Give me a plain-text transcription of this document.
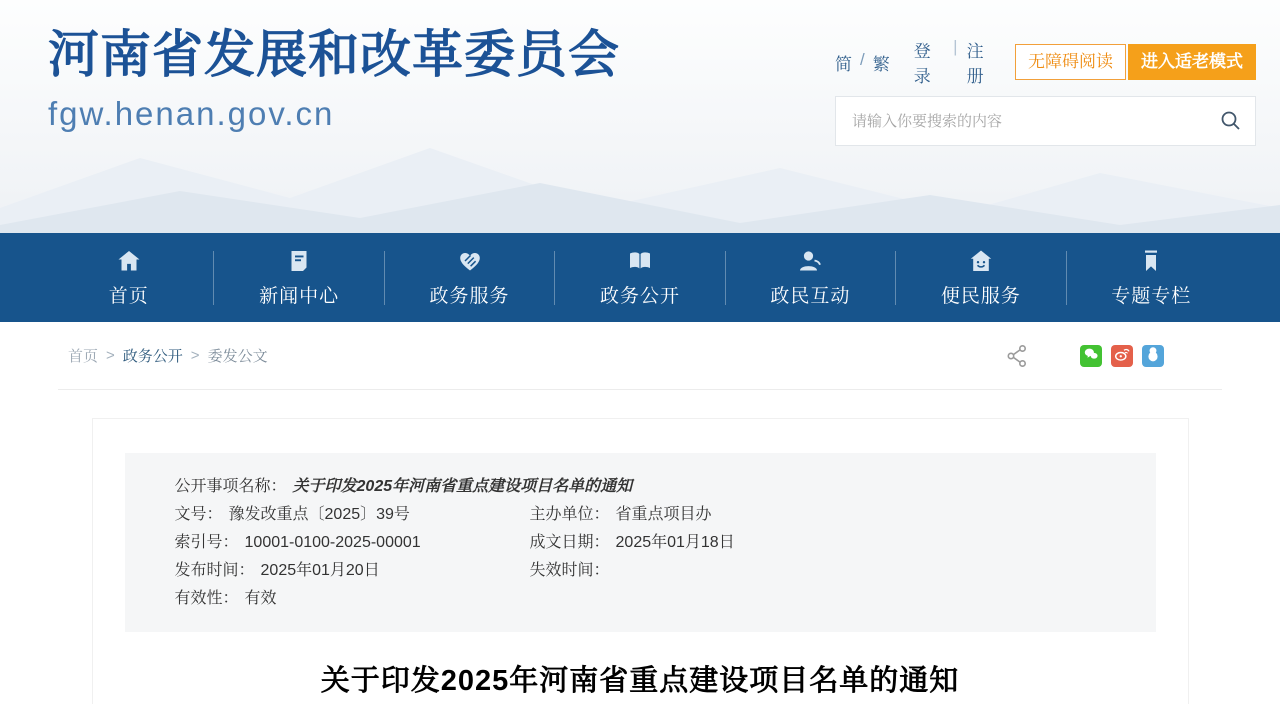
河南省发展和改革委员会
fgw.henan.gov.cn
简 / 繁
登录
| 注册
无障碍阅读	进入适老模式
请输入你要搜索的内容
首页	新闻中心	政务服务	政务公开	政民互动	便民服务	专题专栏
首页 > 政务公开 > 委发公文
公开事项名称： 关于印发2025年河南省重点建设项目名单的通知
文号： 豫发改重点〔2025〕39号	主办单位： 省重点项目办
索引号： 10001-0100-2025-00001	成文日期： 2025年01月18日
发布时间： 2025年01月20日	失效时间：
有效性： 有效
关于印发2025年河南省重点建设项目名单的通知
